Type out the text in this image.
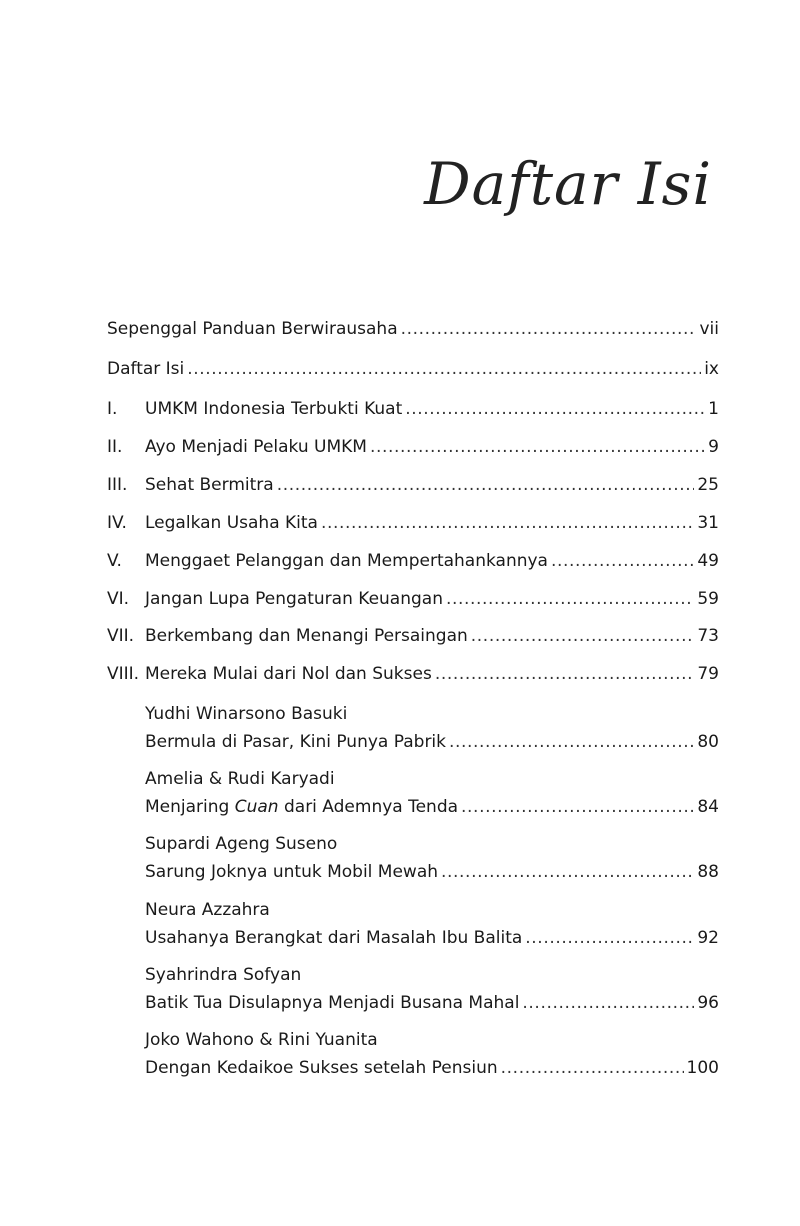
Daftar Isi
Sepenggal Panduan Berwirausaha . . .	vii
Daftar Isi . . .	ix
I.	UMKM Indonesia Terbukti Kuat . . .	1
II.	Ayo Menjadi Pelaku UMKM . . .	9
III.	Sehat Bermitra . . .	25
IV.	Legalkan Usaha Kita . . .	31
V.	Menggaet Pelanggan dan Mempertahankannya . . .	49
VI. Jangan Lupa Pengaturan Keuangan . . .	59
VII. Berkembang dan Menangi Persaingan . . .	73
VIII. Mereka Mulai dari Nol dan Sukses . . .	79
Yudhi Winarsono Basuki
Bermula di Pasar, Kini Punya Pabrik . . .	80
Amelia & Rudi Karyadi
Menjaring Cuan dari Ademnya Tenda . . .	84
Supardi Ageng Suseno
Sarung Joknya untuk Mobil Mewah . . .	88
Neura Azzahra
Usahanya Berangkat dari Masalah Ibu Balita . . .	92
Syahrindra Sofyan
Batik Tua Disulapnya Menjadi Busana Mahal . . .	96
Joko Wahono & Rini Yuanita
Dengan Kedaikoe Sukses setelah Pensiun . . .	100
